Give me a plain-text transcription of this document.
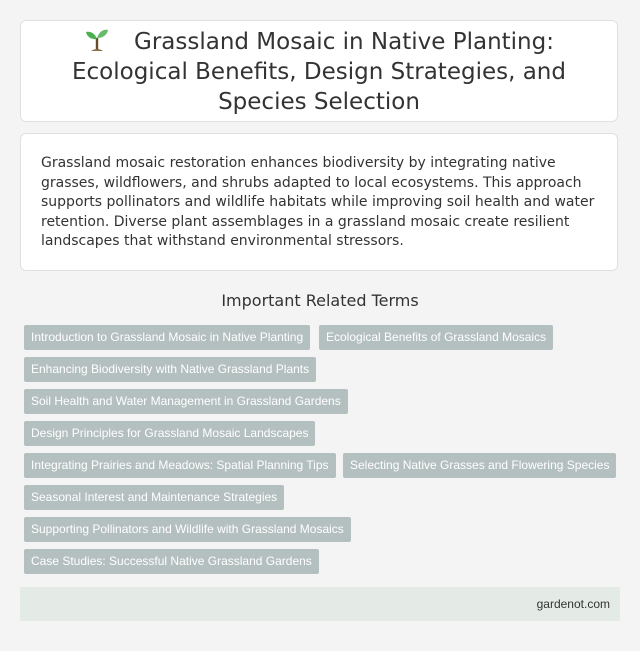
Grassland Mosaic in Native Planting: Ecological Benefits, Design Strategies, and Species Selection

Grassland mosaic restoration enhances biodiversity by integrating native grasses, wildflowers, and shrubs adapted to local ecosystems. This approach supports pollinators and wildlife habitats while improving soil health and water retention. Diverse plant assemblages in a grassland mosaic create resilient landscapes that withstand environmental stressors.

Important Related Terms
Introduction to Grassland Mosaic in Native Planting	Ecological Benefits of Grassland Mosaics
Enhancing Biodiversity with Native Grassland Plants
Soil Health and Water Management in Grassland Gardens
Design Principles for Grassland Mosaic Landscapes
Integrating Prairies and Meadows: Spatial Planning Tips	Selecting Native Grasses and Flowering Species
Seasonal Interest and Maintenance Strategies
Supporting Pollinators and Wildlife with Grassland Mosaics
Case Studies: Successful Native Grassland Gardens
gardenot.com
